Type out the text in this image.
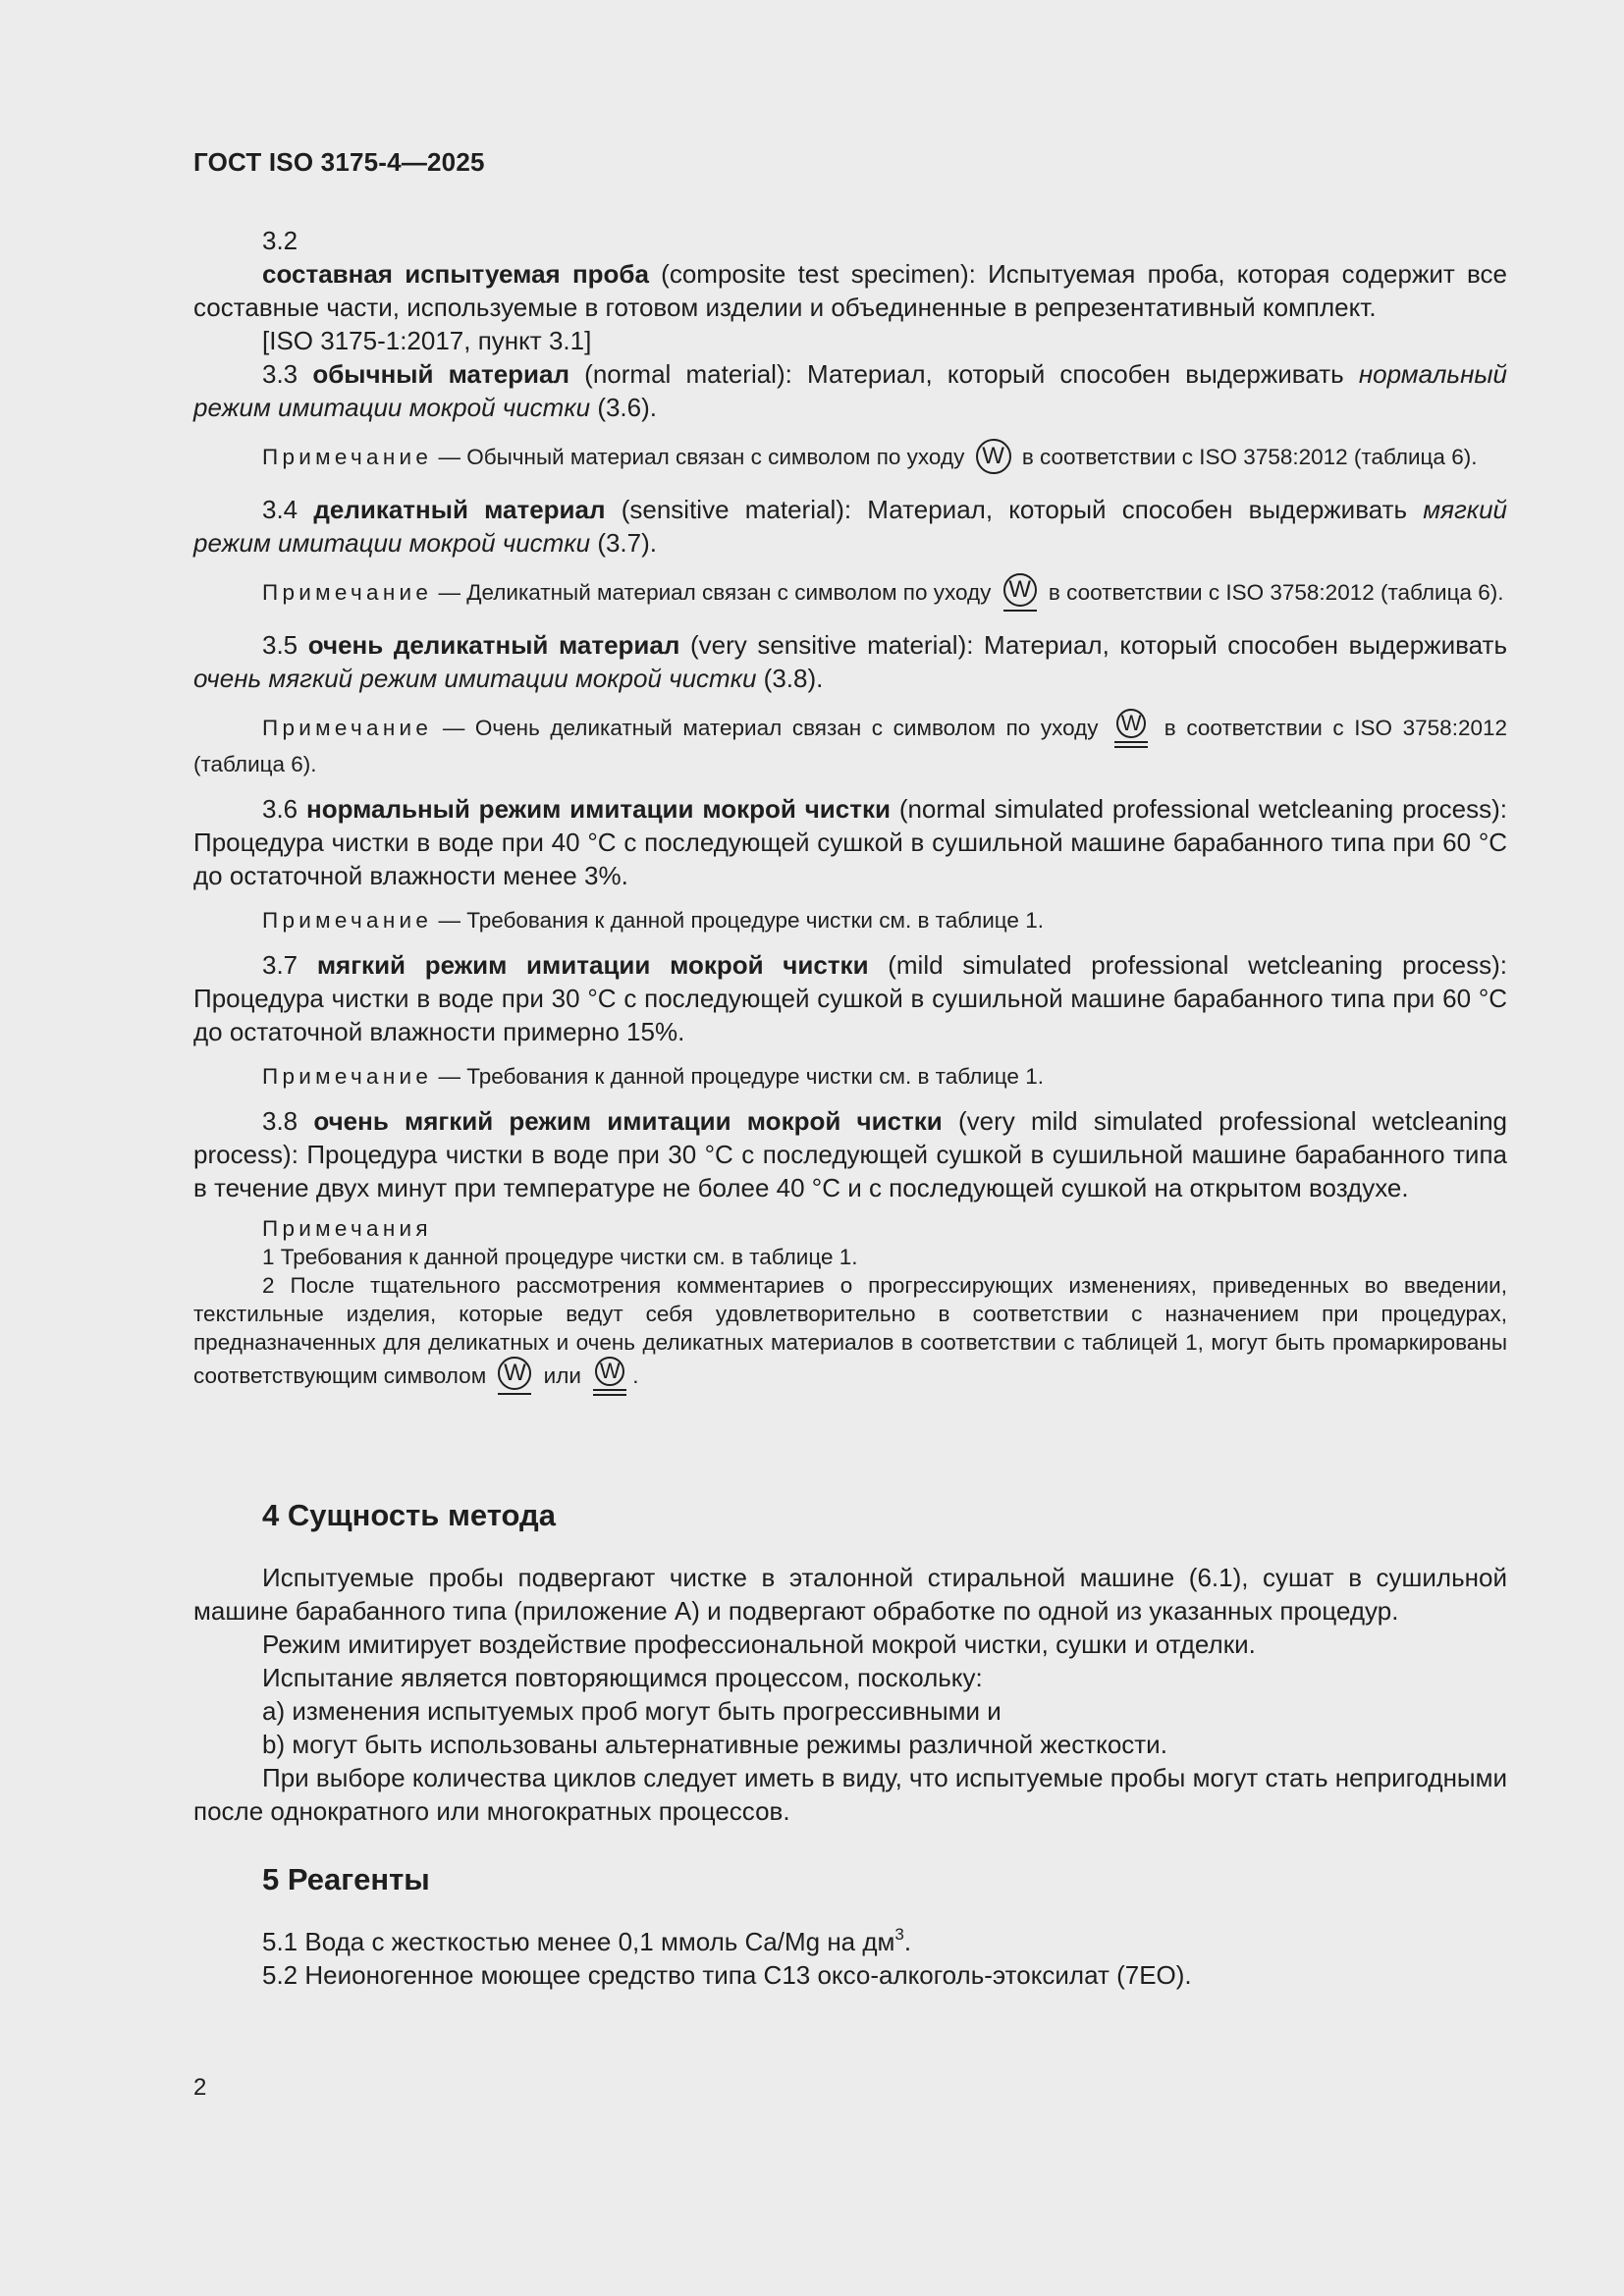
ГОСТ ISO 3175-4—2025

3.2

составная испытуемая проба (composite test specimen): Испытуемая проба, которая содержит все составные части, используемые в готовом изделии и объединенные в репрезентативный комплект.

[ISO 3175-1:2017, пункт 3.1]

3.3 обычный материал (normal material): Материал, который способен выдерживать нормальный режим имитации мокрой чистки (3.6).

Примечание — Обычный материал связан с символом по уходу W в соответствии с ISO 3758:2012 (таблица 6).

3.4 деликатный материал (sensitive material): Материал, который способен выдерживать мягкий режим имитации мокрой чистки (3.7).

Примечание — Деликатный материал связан с символом по уходу W в соответствии с ISO 3758:2012 (таблица 6).

3.5 очень деликатный материал (very sensitive material): Материал, который способен выдерживать очень мягкий режим имитации мокрой чистки (3.8).

Примечание — Очень деликатный материал связан с символом по уходу W в соответствии с ISO 3758:2012 (таблица 6).

3.6 нормальный режим имитации мокрой чистки (normal simulated professional wetcleaning process): Процедура чистки в воде при 40 °С с последующей сушкой в сушильной машине барабанного типа при 60 °С до остаточной влажности менее 3%.

Примечание — Требования к данной процедуре чистки см. в таблице 1.

3.7 мягкий режим имитации мокрой чистки (mild simulated professional wetcleaning process): Процедура чистки в воде при 30 °С с последующей сушкой в сушильной машине барабанного типа при 60 °С до остаточной влажности примерно 15%.

Примечание — Требования к данной процедуре чистки см. в таблице 1.

3.8 очень мягкий режим имитации мокрой чистки (very mild simulated professional wetcleaning process): Процедура чистки в воде при 30 °С с последующей сушкой в сушильной машине барабанного типа в течение двух минут при температуре не более 40 °С и с последующей сушкой на открытом воздухе.

Примечания

1 Требования к данной процедуре чистки см. в таблице 1.

2 После тщательного рассмотрения комментариев о прогрессирующих изменениях, приведенных во введении, текстильные изделия, которые ведут себя удовлетворительно в соответствии с назначением при процедурах, предназначенных для деликатных и очень деликатных материалов в соответствии с таблицей 1, могут быть промаркированы соответствующим символом W или W .

4 Сущность метода

Испытуемые пробы подвергают чистке в эталонной стиральной машине (6.1), сушат в сушильной машине барабанного типа (приложение А) и подвергают обработке по одной из указанных процедур.

Режим имитирует воздействие профессиональной мокрой чистки, сушки и отделки.

Испытание является повторяющимся процессом, поскольку:

a) изменения испытуемых проб могут быть прогрессивными и

b) могут быть использованы альтернативные режимы различной жесткости.

При выборе количества циклов следует иметь в виду, что испытуемые пробы могут стать непригодными после однократного или многократных процессов.

5 Реагенты

5.1 Вода с жесткостью менее 0,1 ммоль Ca/Mg на $дм^3$.

5.2 Неионогенное моющее средство типа C13 оксо-алкоголь-этоксилат (7EO).

2
